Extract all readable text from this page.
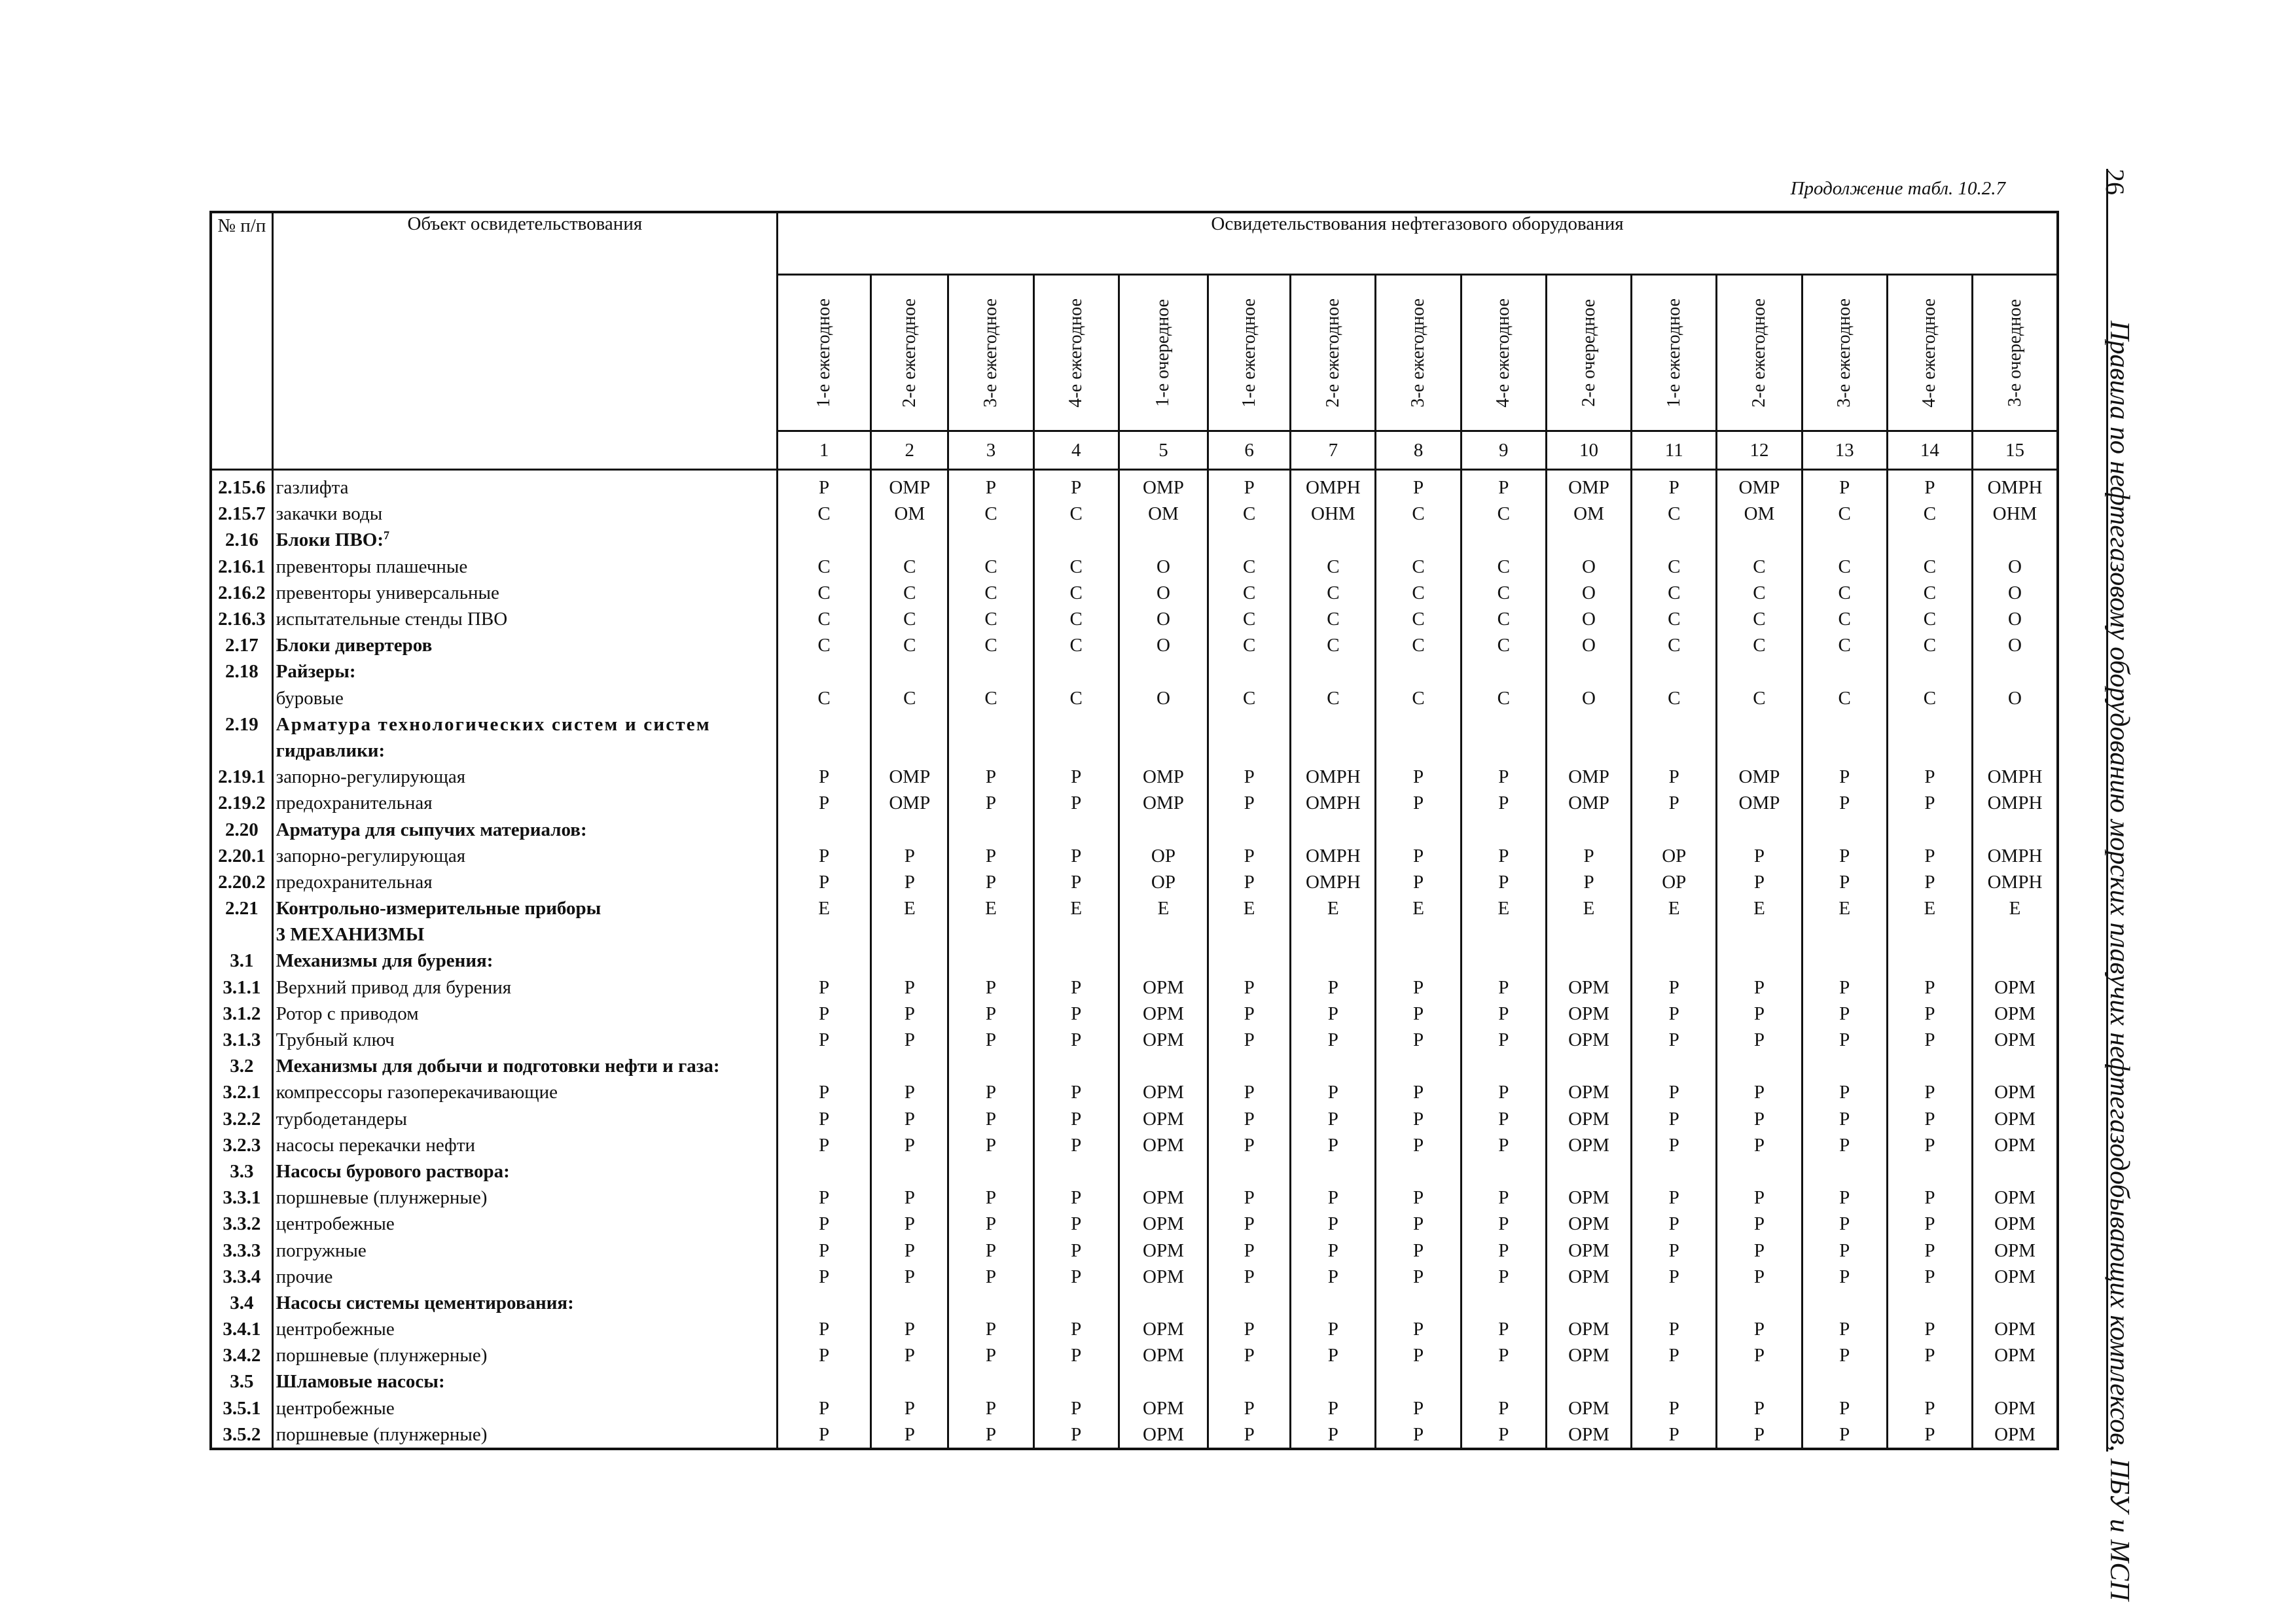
Продолжение табл. 10.2.7	26
Правила по нефтегазовому оборудованию морских плавучих нефтегазодобывающих комплексов, ПБУ и МСП
№ п/п	Объект освидетельствования	Освидетельствования нефтегазового оборудования														

		1-е ежегодное	2-е ежегодное	3-е ежегодное	4-е ежегодное	1-е очередное	1-е ежегодное	2-е ежегодное	3-е ежегодное	4-е ежегодное	2-е очередное	1-е ежегодное	2-е ежегодное	3-е ежегодное	4-е ежегодное	3-е очередное

		1	2	3	4	5	6	7	8	9	10	11	12	13	14	15
2.15.6	газлифта	Р	ОМР	Р	Р	ОМР	Р	ОМРН	Р	Р	ОМР	Р	ОМР	Р	Р	ОМРН
2.15.7	закачки воды	С	ОМ	С	С	ОМ	С	ОНМ	С	С	ОМ	С	ОМ	С	С	ОНМ
2.16	Блоки ПВО:$^7$															
2.16.1	превенторы плашечные	С	С	С	С	О	С	С	С	С	О	С	С	С	С	О
2.16.2	превенторы универсальные	С	С	С	С	О	С	С	С	С	О	С	С	С	С	О
2.16.3	испытательные стенды ПВО	С	С	С	С	О	С	С	С	С	О	С	С	С	С	О
2.17	Блоки дивертеров	С	С	С	С	О	С	С	С	С	О	С	С	С	С	О
2.18	Райзеры:															
	буровые	С	С	С	С	О	С	С	С	С	О	С	С	С	С	О
2.19	Арматура технологических систем и систем															
	гидравлики:															
2.19.1	запорно-регулирующая	Р	ОМР	Р	Р	ОМР	Р	ОМРН	Р	Р	ОМР	Р	ОМР	Р	Р	ОМРН
2.19.2	предохранительная	Р	ОМР	Р	Р	ОМР	Р	ОМРН	Р	Р	ОМР	Р	ОМР	Р	Р	ОМРН
2.20	Арматура для сыпучих материалов:															
2.20.1	запорно-регулирующая	Р	Р	Р	Р	ОР	Р	ОМРН	Р	Р	Р	ОР	Р	Р	Р	ОМРН
2.20.2	предохранительная	Р	Р	Р	Р	ОР	Р	ОМРН	Р	Р	Р	ОР	Р	Р	Р	ОМРН
2.21	Контрольно-измерительные приборы	Е	Е	Е	Е	Е	Е	Е	Е	Е	Е	Е	Е	Е	Е	Е
	3 МЕХАНИЗМЫ															
3.1	Механизмы для бурения:															
3.1.1	Верхний привод для бурения	Р	Р	Р	Р	ОРМ	Р	Р	Р	Р	ОРМ	Р	Р	Р	Р	ОРМ
3.1.2	Ротор с приводом	Р	Р	Р	Р	ОРМ	Р	Р	Р	Р	ОРМ	Р	Р	Р	Р	ОРМ
3.1.3	Трубный ключ	Р	Р	Р	Р	ОРМ	Р	Р	Р	Р	ОРМ	Р	Р	Р	Р	ОРМ
3.2	Механизмы для добычи и подготовки нефти и газа:															
3.2.1	компрессоры газоперекачивающие	Р	Р	Р	Р	ОРМ	Р	Р	Р	Р	ОРМ	Р	Р	Р	Р	ОРМ
3.2.2	турбодетандеры	Р	Р	Р	Р	ОРМ	Р	Р	Р	Р	ОРМ	Р	Р	Р	Р	ОРМ
3.2.3	насосы перекачки нефти	Р	Р	Р	Р	ОРМ	Р	Р	Р	Р	ОРМ	Р	Р	Р	Р	ОРМ
3.3	Насосы бурового раствора:															
3.3.1	поршневые (плунжерные)	Р	Р	Р	Р	ОРМ	Р	Р	Р	Р	ОРМ	Р	Р	Р	Р	ОРМ
3.3.2	центробежные	Р	Р	Р	Р	ОРМ	Р	Р	Р	Р	ОРМ	Р	Р	Р	Р	ОРМ
3.3.3	погружные	Р	Р	Р	Р	ОРМ	Р	Р	Р	Р	ОРМ	Р	Р	Р	Р	ОРМ
3.3.4	прочие	Р	Р	Р	Р	ОРМ	Р	Р	Р	Р	ОРМ	Р	Р	Р	Р	ОРМ
3.4	Насосы системы цементирования:															
3.4.1	центробежные	Р	Р	Р	Р	ОРМ	Р	Р	Р	Р	ОРМ	Р	Р	Р	Р	ОРМ
3.4.2	поршневые (плунжерные)	Р	Р	Р	Р	ОРМ	Р	Р	Р	Р	ОРМ	Р	Р	Р	Р	ОРМ
3.5	Шламовые насосы:															
3.5.1	центробежные	Р	Р	Р	Р	ОРМ	Р	Р	Р	Р	ОРМ	Р	Р	Р	Р	ОРМ
3.5.2	поршневые (плунжерные)	Р	Р	Р	Р	ОРМ	Р	Р	Р	Р	ОРМ	Р	Р	Р	Р	ОРМ
